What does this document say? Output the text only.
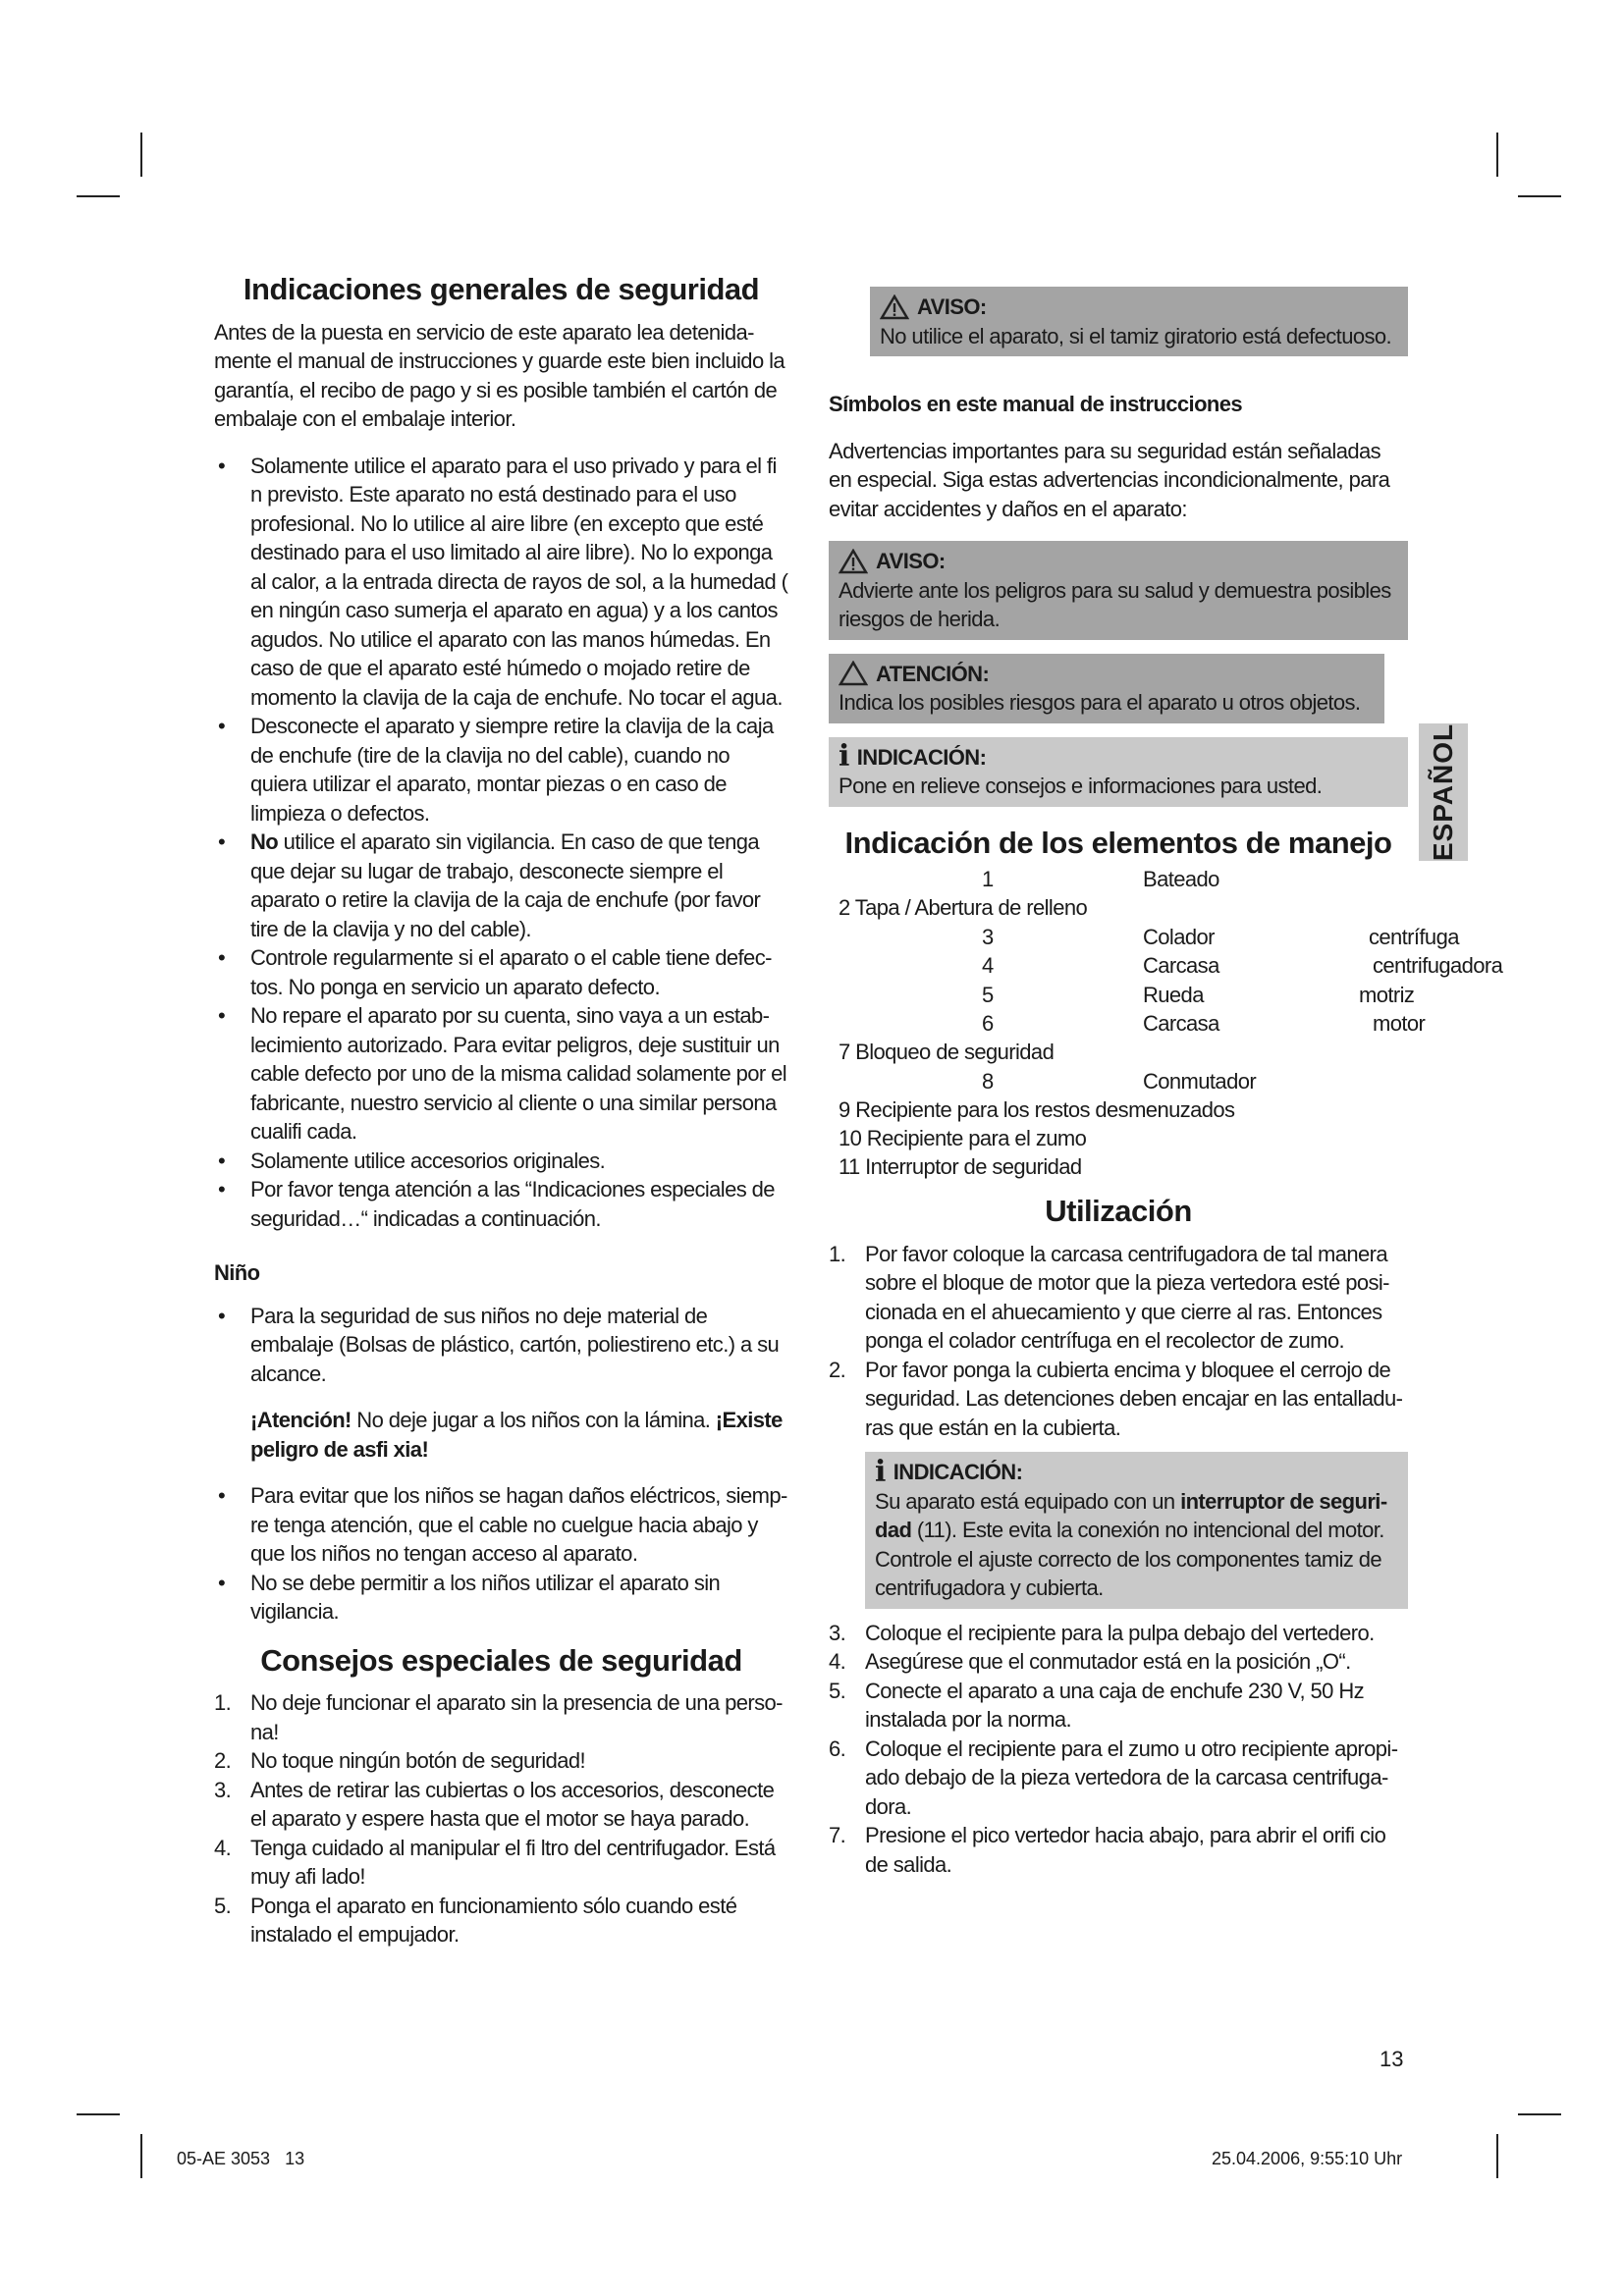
Indicaciones generales de seguridad

Antes de la puesta en servicio de este aparato lea detenidamente el manual de instrucciones y guarde este bien incluido la garantía, el recibo de pago y si es posible también el cartón de embalaje con el embalaje interior.

• Solamente utilice el aparato para el uso privado y para el fi n previsto. Este aparato no está destinado para el uso profesional. No lo utilice al aire libre (en excepto que esté destinado para el uso limitado al aire libre). No lo exponga al calor, a la entrada directa de rayos de sol, a la humedad ( en ningún caso sumerja el aparato en agua) y a los cantos agudos. No utilice el aparato con las manos húmedas. En caso de que el aparato esté húmedo o mojado retire de momento la clavija de la caja de enchufe. No tocar el agua.
• Desconecte el aparato y siempre retire la clavija de la caja de enchufe (tire de la clavija no del cable), cuando no quiera utilizar el aparato, montar piezas o en caso de limpieza o defectos.
• No utilice el aparato sin vigilancia. En caso de que tenga que dejar su lugar de trabajo, desconecte siempre el aparato o retire la clavija de la caja de enchufe (por favor tire de la clavija y no del cable).
• Controle regularmente si el aparato o el cable tiene defectos. No ponga en servicio un aparato defecto.
• No repare el aparato por su cuenta, sino vaya a un establecimiento autorizado. Para evitar peligros, deje sustituir un cable defecto por uno de la misma calidad solamente por el fabricante, nuestro servicio al cliente o una similar persona cualifi cada.
• Solamente utilice accesorios originales.
• Por favor tenga atención a las “Indicaciones especiales de seguridad…“ indicadas a continuación.
Niño
• Para la seguridad de sus niños no deje material de embalaje (Bolsas de plástico, cartón, poliestireno etc.) a su alcance.

¡Atención! No deje jugar a los niños con la lámina. ¡Existe peligro de asfi xia!

• Para evitar que los niños se hagan daños eléctricos, siempre tenga atención, que el cable no cuelgue hacia abajo y que los niños no tengan acceso al aparato.
• No se debe permitir a los niños utilizar el aparato sin vigilancia.
Consejos especiales de seguridad
1. No deje funcionar el aparato sin la presencia de una persona!
2. No toque ningún botón de seguridad!
3. Antes de retirar las cubiertas o los accesorios, desconecte el aparato y espere hasta que el motor se haya parado.
4. Tenga cuidado al manipular el fi ltro del centrifugador. Está muy afi lado!
5. Ponga el aparato en funcionamiento sólo cuando esté instalado el empujador.
AVISO:
No utilice el aparato, si el tamiz giratorio está defectuoso.
Símbolos en este manual de instrucciones

Advertencias importantes para su seguridad están señaladas en especial. Siga estas advertencias incondicionalmente, para evitar accidentes y daños en el aparato:

AVISO:
Advierte ante los peligros para su salud y demuestra posibles riesgos de herida.
ATENCIÓN:
Indica los posibles riesgos para el aparato u otros objetos.
i INDICACIÓN:
Pone en relieve consejos e informaciones para usted.
Indicación de los elementos de manejo
1	Bateado
2 Tapa / Abertura de relleno
3	Colador	centrífuga
4	Carcasa	centrifugadora
5	Rueda	motriz
6	Carcasa	motor
7 Bloqueo de seguridad
8	Conmutador
9 Recipiente para los restos desmenuzados
10 Recipiente para el zumo
11 Interruptor de seguridad
Utilización
1. Por favor coloque la carcasa centrifugadora de tal manera sobre el bloque de motor que la pieza vertedora esté posicionada en el ahuecamiento y que cierre al ras. Entonces ponga el colador centrífuga en el recolector de zumo.
2. Por favor ponga la cubierta encima y bloquee el cerrojo de seguridad. Las detenciones deben encajar en las entalladuras que están en la cubierta.
i INDICACIÓN:
Su aparato está equipado con un interruptor de seguridad (11). Este evita la conexión no intencional del motor. Controle el ajuste correcto de los componentes tamiz de centrifugadora y cubierta.
3. Coloque el recipiente para la pulpa debajo del vertedero.
4. Asegúrese que el conmutador está en la posición „O“.
5. Conecte el aparato a una caja de enchufe 230 V, 50 Hz instalada por la norma.
6. Coloque el recipiente para el zumo u otro recipiente apropiado debajo de la pieza vertedora de la carcasa centrifugadora.
7. Presione el pico vertedor hacia abajo, para abrir el orifi cio de salida.
ESPAÑOL
13
05-AE 3053   13	25.04.2006, 9:55:10 Uhr
